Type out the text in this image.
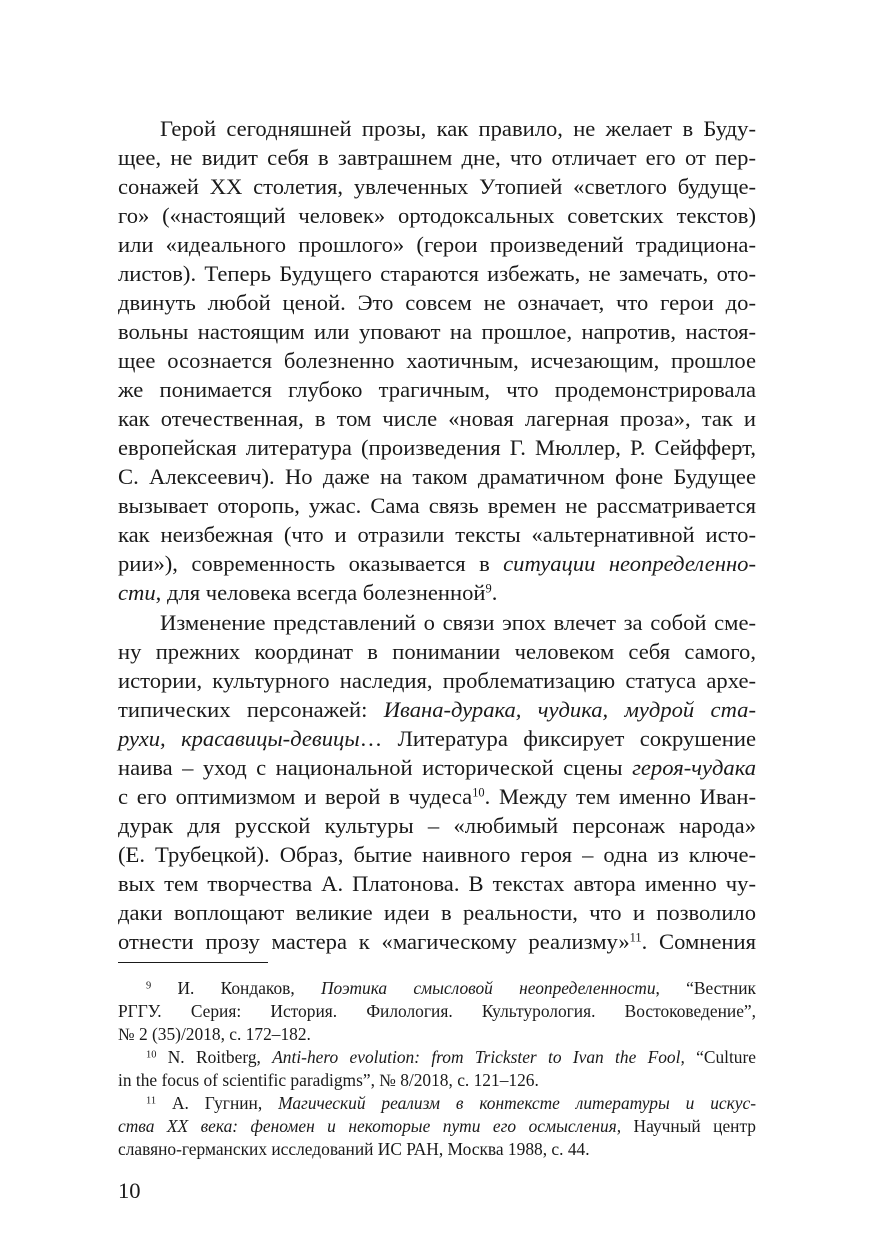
Герой сегодняшней прозы, как правило, не желает в Буду-
щее, не видит себя в завтрашнем дне, что отличает его от пер-
сонажей XX столетия, увлеченных Утопией «светлого будуще-
го» («настоящий человек» ортодоксальных советских текстов)
или «идеального прошлого» (герои произведений традициона-
листов). Теперь Будущего стараются избежать, не замечать, ото-
двинуть любой ценой. Это совсем не означает, что герои до-
вольны настоящим или уповают на прошлое, напротив, настоя-
щее осознается болезненно хаотичным, исчезающим, прошлое
же понимается глубоко трагичным, что продемонстрировала
как отечественная, в том числе «новая лагерная проза», так и
европейская литература (произведения Г. Мюллер, Р. Сейфферт,
С. Алексеевич). Но даже на таком драматичном фоне Будущее
вызывает оторопь, ужас. Сама связь времен не рассматривается
как неизбежная (что и отразили тексты «альтернативной исто-
рии»), современность оказывается в ситуации неопределенно-
сти, для человека всегда болезненной$^9$.
Изменение представлений о связи эпох влечет за собой сме-
ну прежних координат в понимании человеком себя самого,
истории, культурного наследия, проблематизацию статуса архе-
типических персонажей: Ивана-дурака, чудика, мудрой ста-
рухи, красавицы-девицы… Литература фиксирует сокрушение
наива – уход с национальной исторической сцены героя-чудака
с его оптимизмом и верой в чудеса$^{10}$. Между тем именно Иван-
дурак для русской культуры – «любимый персонаж народа»
(Е. Трубецкой). Образ, бытие наивного героя – одна из ключе-
вых тем творчества А. Платонова. В текстах автора именно чу-
даки воплощают великие идеи в реальности, что и позволило
отнести прозу мастера к «магическому реализму»$^{11}$. Сомнения
$^9$ И. Кондаков, Поэтика смысловой неопределенности, “Вестник
РГГУ. Серия: История. Филология. Культурология. Востоковедение”,
№ 2 (35)/2018, с. 172–182.
$^{10}$ N. Roitberg, Anti-hero evolution: from Trickster to Ivan the Fool, “Culture
in the focus of scientific paradigms”, № 8/2018, с. 121–126.
$^{11}$ А. Гугнин, Магический реализм в контексте литературы и искус-
ства XX века: феномен и некоторые пути его осмысления, Научный центр
славяно-германских исследований ИС РАН, Москва 1988, с. 44.
10
